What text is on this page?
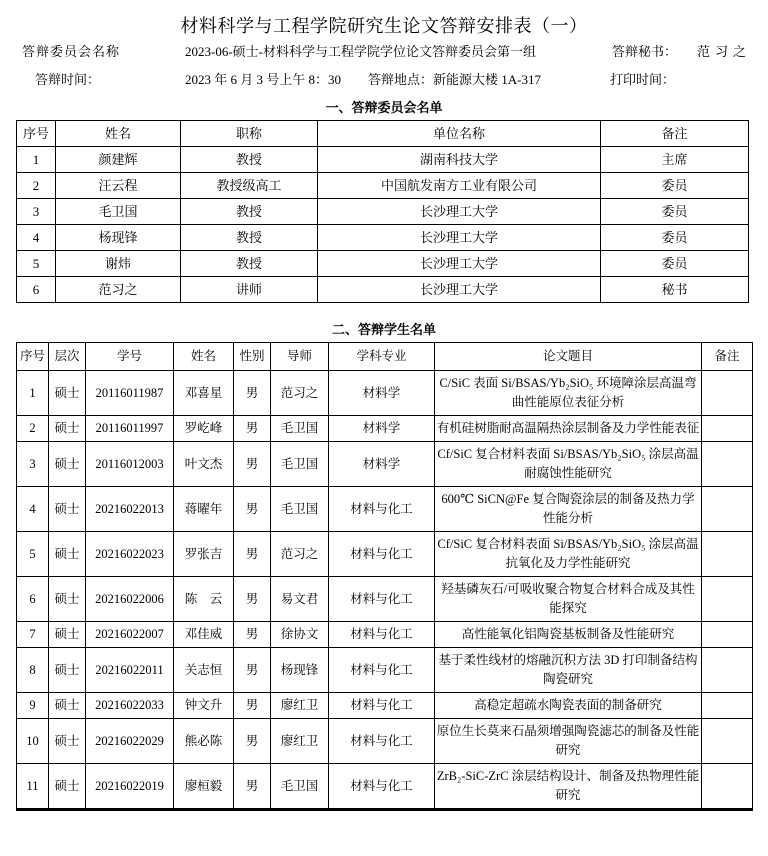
材料科学与工程学院研究生论文答辩安排表（一）
答辩委员会名称	2023-06-硕士-材料科学与工程学院学位论文答辩委员会第一组	答辩秘书： 范习之
答辩时间：	2023 年 6 月 3 号上午 8：30 答辩地点： 新能源大楼 1A-317	打印时间：
一、答辩委员会名单
序号	姓名	职称	单位名称	备注
1	颜建辉	教授	湖南科技大学	主席
2	汪云程	教授级高工	中国航发南方工业有限公司	委员
3	毛卫国	教授	长沙理工大学	委员
4	杨现锋	教授	长沙理工大学	委员
5	谢炜	教授	长沙理工大学	委员
6	范习之	讲师	长沙理工大学	秘书
二、答辩学生名单
序号	层次	学号	姓名	性别	导师	学科专业	论文题目	备注
1	硕士	20116011987	邓喜星	男	范习之	材料学	C/SiC 表面 Si/BSAS/Yb₂SiO₅ 环境障涂层高温弯曲性能原位表征分析	
2	硕士	20116011997	罗屹峰	男	毛卫国	材料学	有机硅树脂耐高温隔热涂层制备及力学性能表征	
3	硕士	20116012003	叶文杰	男	毛卫国	材料学	Cf/SiC 复合材料表面 Si/BSAS/Yb₂SiO₅ 涂层高温耐腐蚀性能研究	
4	硕士	20216022013	蒋曜年	男	毛卫国	材料与化工	600℃ SiCN@Fe 复合陶瓷涂层的制备及热力学性能分析	
5	硕士	20216022023	罗张吉	男	范习之	材料与化工	Cf/SiC 复合材料表面 Si/BSAS/Yb₂SiO₅ 涂层高温抗氧化及力学性能研究	
6	硕士	20216022006	陈　云	男	易文君	材料与化工	羟基磷灰石/可吸收聚合物复合材料合成及其性能探究	
7	硕士	20216022007	邓佳威	男	徐协文	材料与化工	高性能氧化铝陶瓷基板制备及性能研究	
8	硕士	20216022011	关志恒	男	杨现锋	材料与化工	基于柔性线材的熔融沉积方法 3D 打印制备结构陶瓷研究	
9	硕士	20216022033	钟文升	男	廖红卫	材料与化工	高稳定超疏水陶瓷表面的制备研究	
10	硕士	20216022029	熊必陈	男	廖红卫	材料与化工	原位生长莫来石晶须增强陶瓷滤芯的制备及性能研究	
11	硕士	20216022019	廖桓毅	男	毛卫国	材料与化工	ZrB₂-SiC-ZrC 涂层结构设计、制备及热物理性能研究	
